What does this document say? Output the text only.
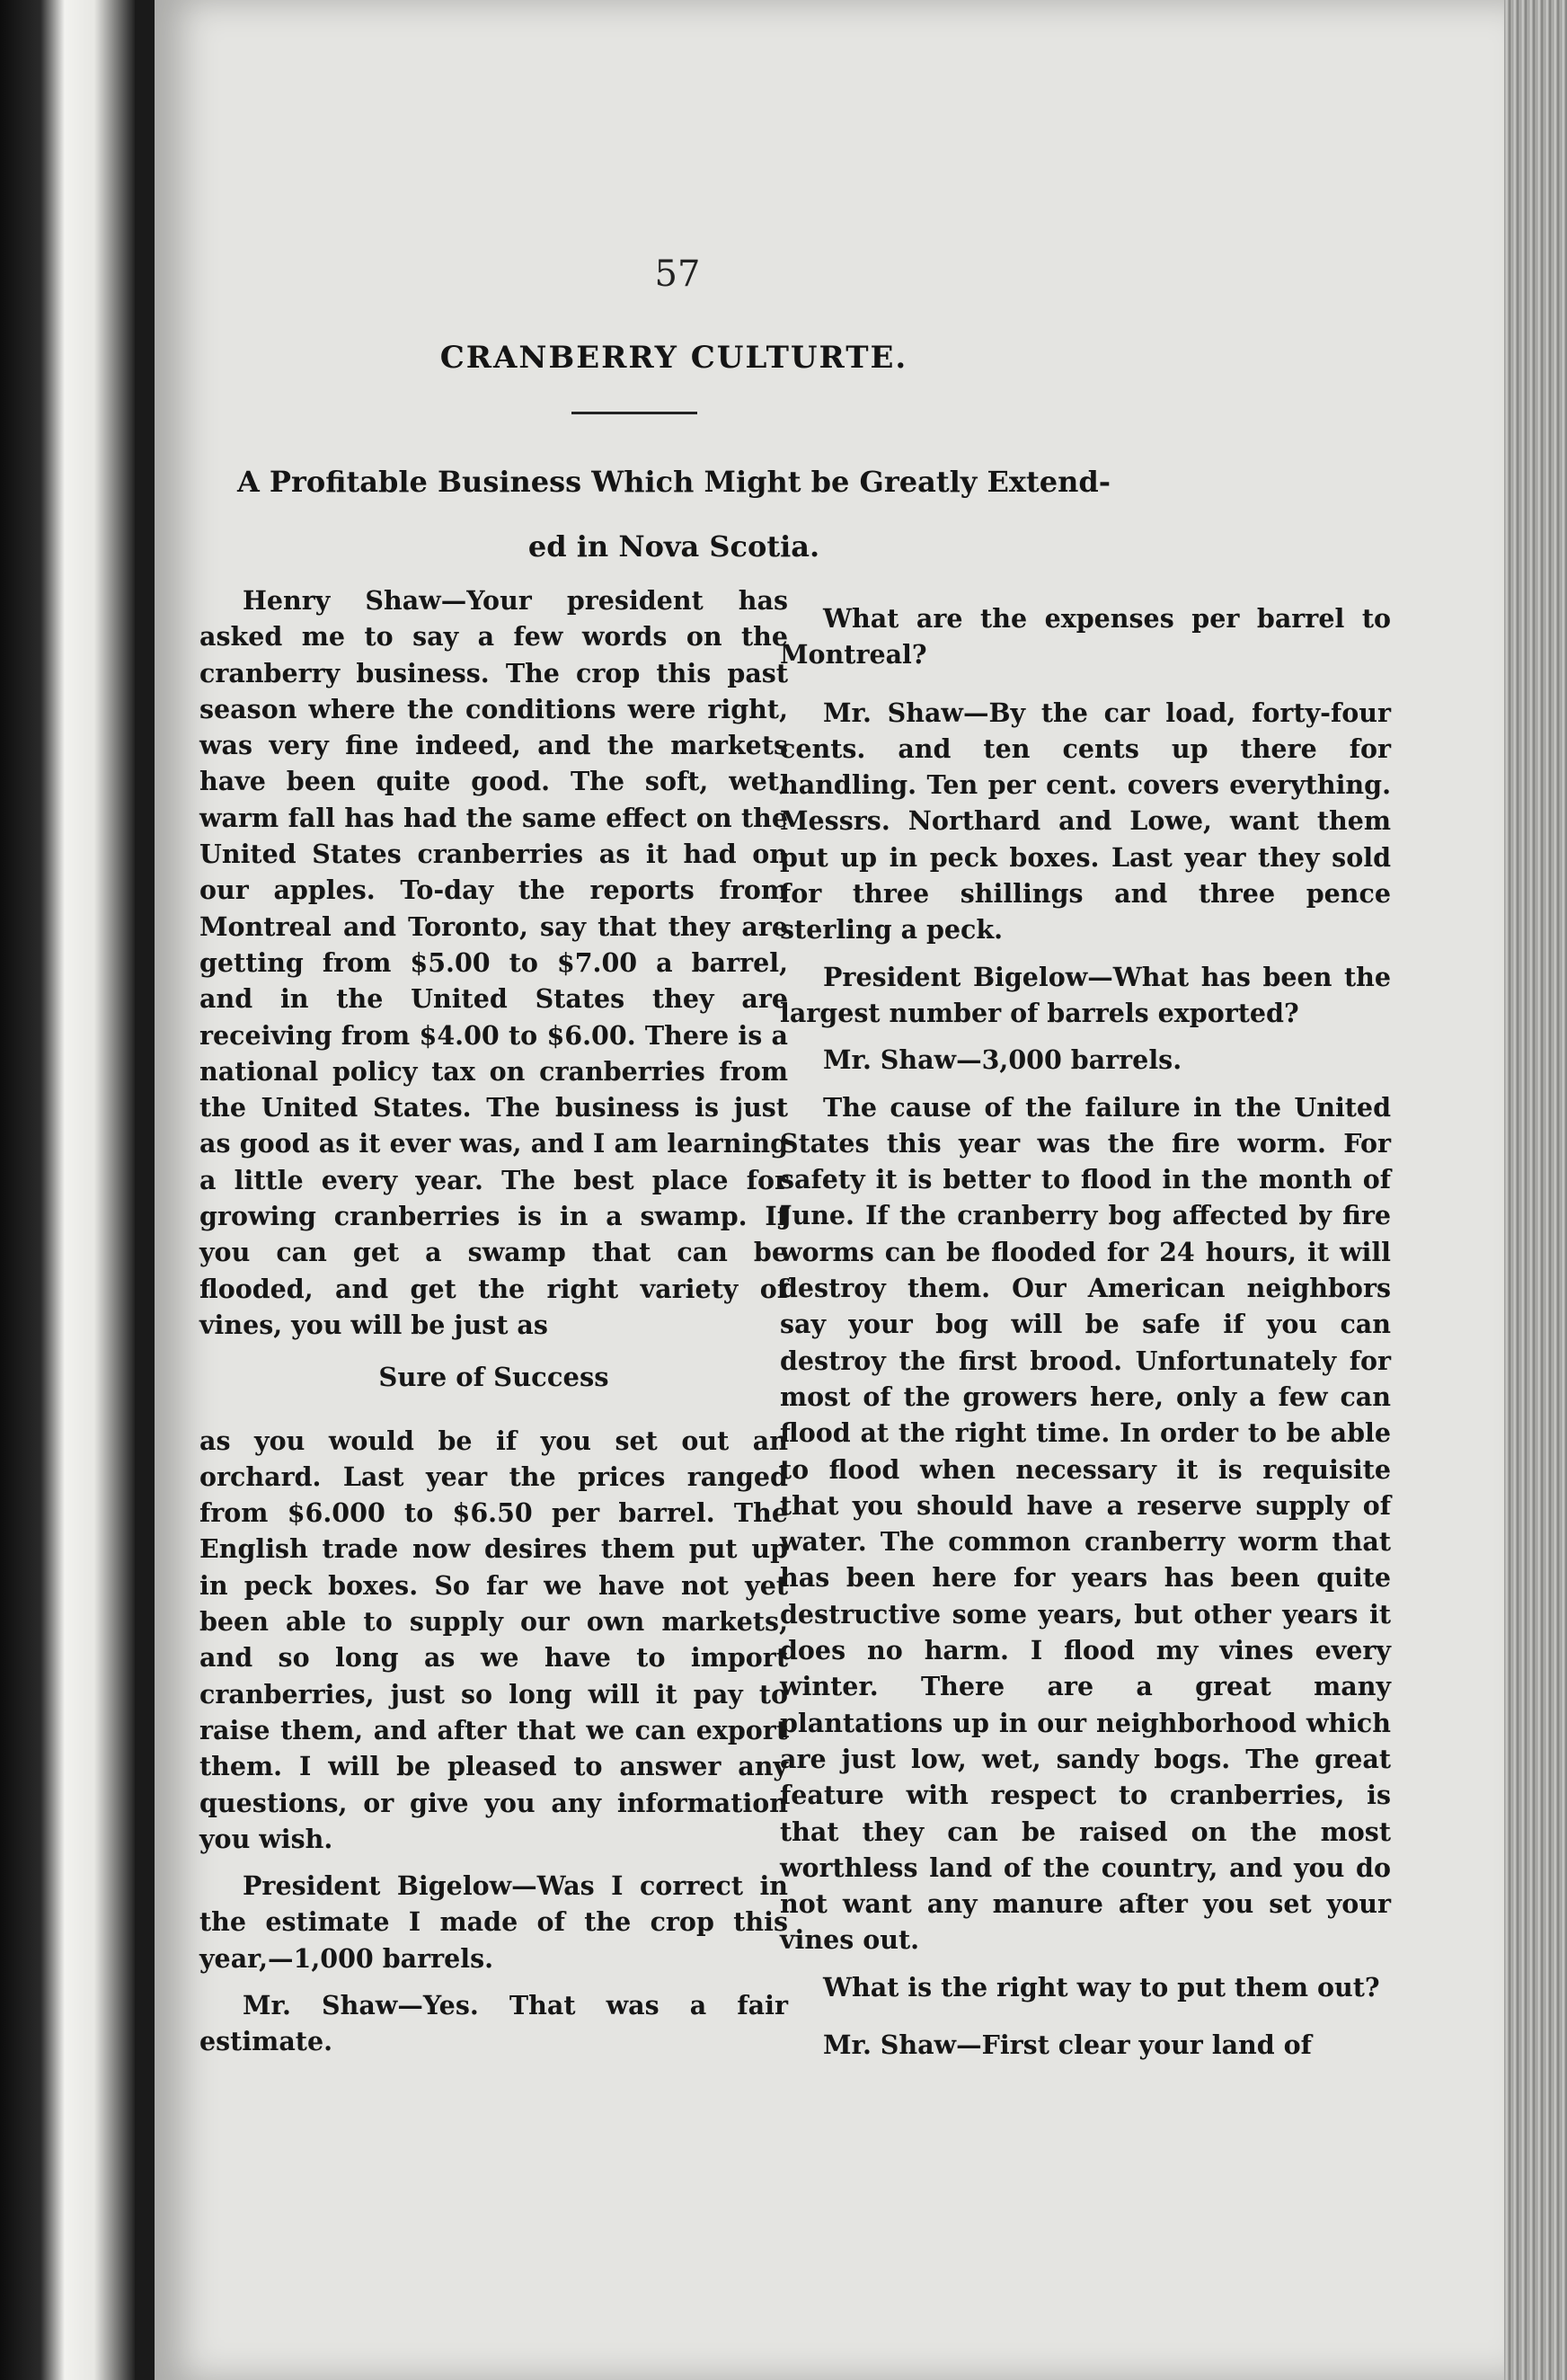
57
CRANBERRY CULTURTE.
A Profitable Business Which Might be Greatly Extend-
ed in Nova Scotia.

Henry Shaw—Your president has asked me to say a few words on the cranberry business. The crop this past season where the conditions were right, was very fine indeed, and the markets have been quite good. The soft, wet, warm fall has had the same effect on the United States cranberries as it had on our apples. To-day the reports from Montreal and Toronto, say that they are getting from $5.00 to $7.00 a barrel, and in the United States they are receiving from $4.00 to $6.00. There is a national policy tax on cranberries from the United States. The business is just as good as it ever was, and I am learning a little every year. The best place for growing cranberries is in a swamp. If you can get a swamp that can be flooded, and get the right variety of vines, you will be just as

Sure of Success

as you would be if you set out an orchard. Last year the prices ranged from $6.000 to $6.50 per barrel. The English trade now desires them put up in peck boxes. So far we have not yet been able to supply our own markets, and so long as we have to import cranberries, just so long will it pay to raise them, and after that we can export them. I will be pleased to answer any questions, or give you any information you wish.

President Bigelow—Was I correct in the estimate I made of the crop this year,—1,000 barrels.

Mr. Shaw—Yes. That was a fair estimate.

What are the expenses per barrel to Montreal?

Mr. Shaw—By the car load, forty-four cents. and ten cents up there for handling. Ten per cent. covers everything. Messrs. Northard and Lowe, want them put up in peck boxes. Last year they sold for three shillings and three pence sterling a peck.

President Bigelow—What has been the largest number of barrels exported?

Mr. Shaw—3,000 barrels.

The cause of the failure in the United States this year was the fire worm. For safety it is better to flood in the month of June. If the cranberry bog affected by fire worms can be flooded for 24 hours, it will destroy them. Our American neighbors say your bog will be safe if you can destroy the first brood. Unfortunately for most of the growers here, only a few can flood at the right time. In order to be able to flood when necessary it is requisite that you should have a reserve supply of water. The common cranberry worm that has been here for years has been quite destructive some years, but other years it does no harm. I flood my vines every winter. There are a great many plantations up in our neighborhood which are just low, wet, sandy bogs. The great feature with respect to cranberries, is that they can be raised on the most worthless land of the country, and you do not want any manure after you set your vines out.

What is the right way to put them out?

Mr. Shaw—First clear your land of
